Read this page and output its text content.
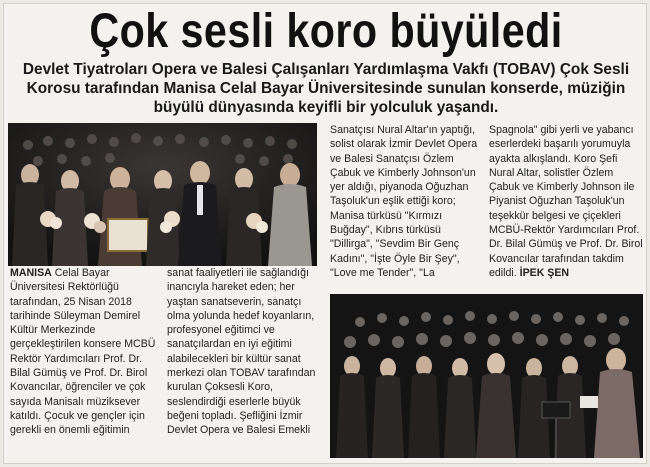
Çok sesli koro büyüledi
Devlet Tiyatroları Opera ve Balesi Çalışanları Yardımlaşma Vakfı (TOBAV) Çok Sesli Korosu tarafından Manisa Celal Bayar Üniversitesinde sunulan konserde, müziğin büyülü dünyasında keyifli bir yolculuk yaşandı.

MANISA Celal Bayar Üniversitesi Rektörlüğü tarafından, 25 Nisan 2018 tarihinde Süleyman Demirel Kültür Merkezinde gerçekleştirilen konsere MCBÜ Rektör Yardımcıları Prof. Dr. Bilal Gümüş ve Prof. Dr. Birol Kovancılar, öğrenciler ve çok sayıda Manisalı müziksever katıldı. Çocuk ve gençler için gerekli en önemli eğitimin

sanat faaliyetleri ile sağlandığı inancıyla hareket eden; her yaştan sanatseverin, sanatçı olma yolunda hedef koyanların, profesyonel eğitimci ve sanatçılardan en iyi eğitimi alabilecekleri bir kültür sanat merkezi olan TOBAV tarafından kurulan Çoksesli Koro, seslendirdiği eserlerle büyük beğeni topladı. Şefliğini İzmir Devlet Opera ve Balesi Emekli

Sanatçısı Nural Altar'ın yaptığı, solist olarak İzmir Devlet Opera ve Balesi Sanatçısı Özlem Çabuk ve Kimberly Johnson'un yer aldığı, piyanoda Oğuzhan Taşoluk'un eşlik ettiği koro; Manisa türküsü "Kırmızı Buğday", Kıbrıs türküsü "Dillirga", "Sevdim Bir Genç Kadını", "İşte Öyle Bir Şey", "Love me Tender", "La

Spagnola" gibi yerli ve yabancı eserlerdeki başarılı yorumuyla ayakta alkışlandı. Koro Şefi Nural Altar, solistler Özlem Çabuk ve Kimberly Johnson ile Piyanist Oğuzhan Taşoluk'un teşekkür belgesi ve çiçekleri MCBÜ-Rektör Yardımcıları Prof. Dr. Bilal Gümüş ve Prof. Dr. Birol Kovancılar tarafından takdim edildi. İPEK ŞEN
